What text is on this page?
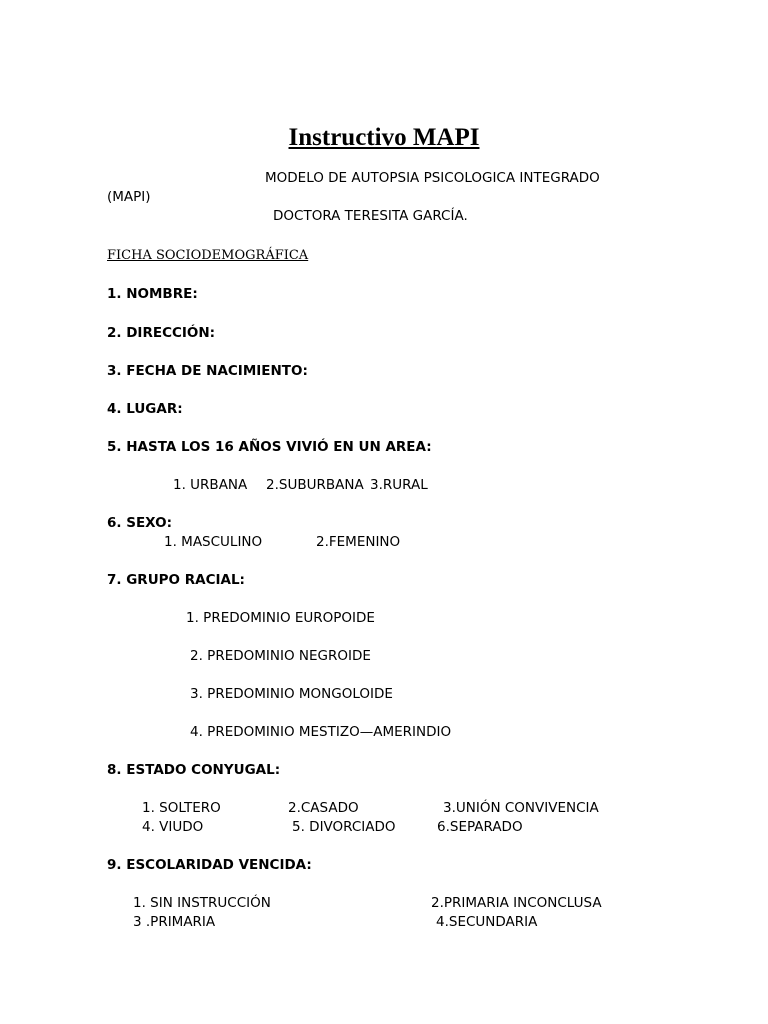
Instructivo MAPI
MODELO DE AUTOPSIA PSICOLOGICA INTEGRADO
(MAPI)
DOCTORA TERESITA GARCÍA.
FICHA SOCIODEMOGRÁFICA
1. NOMBRE:
2. DIRECCIÓN:
3. FECHA DE NACIMIENTO:
4. LUGAR:
5. HASTA LOS 16 AÑOS VIVIÓ EN UN AREA:
1. URBANA 2.SUBURBANA 3.RURAL
6. SEXO:
1. MASCULINO	2.FEMENINO
7. GRUPO RACIAL:
1. PREDOMINIO EUROPOIDE
2. PREDOMINIO NEGROIDE
3. PREDOMINIO MONGOLOIDE
4. PREDOMINIO MESTIZO—AMERINDIO
8. ESTADO CONYUGAL:
1. SOLTERO	2.CASADO	3.UNIÓN CONVIVENCIA
4. VIUDO	5. DIVORCIADO	6.SEPARADO
9. ESCOLARIDAD VENCIDA:
1. SIN INSTRUCCIÓN	2.PRIMARIA INCONCLUSA
3 .PRIMARIA	4.SECUNDARIA
